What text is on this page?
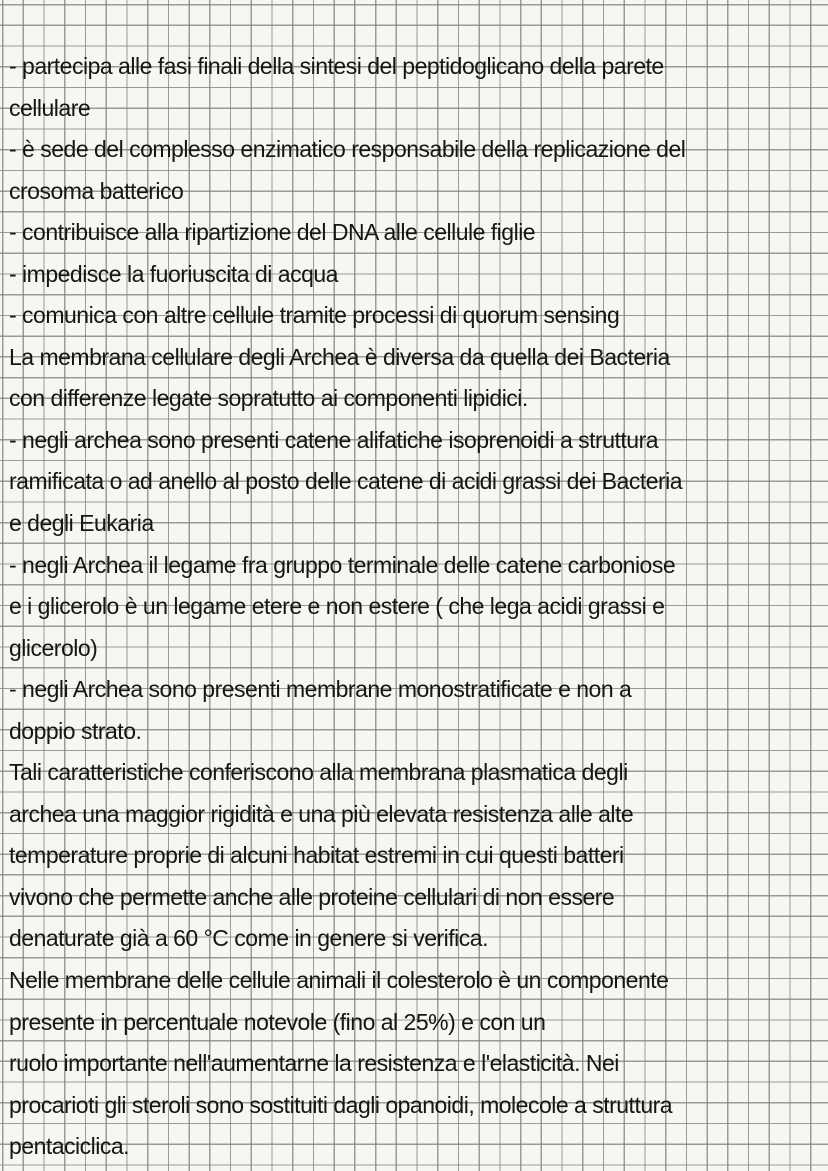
- partecipa alle fasi finali della sintesi del peptidoglicano della parete
cellulare
- è sede del complesso enzimatico responsabile della replicazione del
crosoma batterico
- contribuisce alla ripartizione del DNA alle cellule figlie
- impedisce la fuoriuscita di acqua
- comunica con altre cellule tramite processi di quorum sensing
La membrana cellulare degli Archea è diversa da quella dei Bacteria
con differenze legate sopratutto ai componenti lipidici.
- negli archea sono presenti catene alifatiche isoprenoidi a struttura
ramificata o ad anello al posto delle catene di acidi grassi dei Bacteria
e degli Eukaria
- negli Archea il legame fra gruppo terminale delle catene carboniose
e i glicerolo è un legame etere e non estere ( che lega acidi grassi e
glicerolo)
- negli Archea sono presenti membrane monostratificate e non a
doppio strato.
Tali caratteristiche conferiscono alla membrana plasmatica degli
archea una maggior rigidità e una più elevata resistenza alle alte
temperature proprie di alcuni habitat estremi in cui questi batteri
vivono che permette anche alle proteine cellulari di non essere
denaturate già a 60 °C come in genere si verifica.
Nelle membrane delle cellule animali il colesterolo è un componente
presente in percentuale notevole (fino al 25%) e con un
ruolo importante nell'aumentarne la resistenza e l'elasticità. Nei
procarioti gli steroli sono sostituiti dagli opanoidi, molecole a struttura
pentaciclica.
